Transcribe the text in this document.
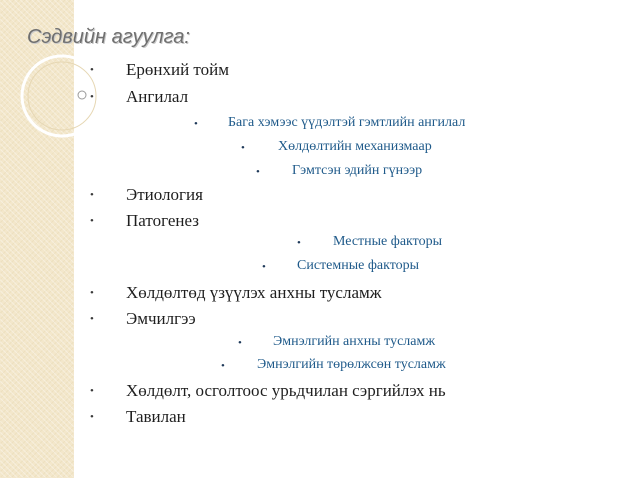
Сэдвийн агуулга:
• Ерөнхий тойм
• Ангилал
• Бага хэмээс үүдэлтэй гэмтлийн ангилал
• Хөлдөлтийн механизмаар
• Гэмтсэн эдийн гүнээр
• Этиология
• Патогенез
• Местные факторы
• Системные факторы
• Хөлдөлтөд үзүүлэх анхны тусламж
• Эмчилгээ
• Эмнэлгийн анхны тусламж
• Эмнэлгийн төрөлжсөн тусламж
• Хөлдөлт, осголтоос урьдчилан сэргийлэх нь
• Тавилан
